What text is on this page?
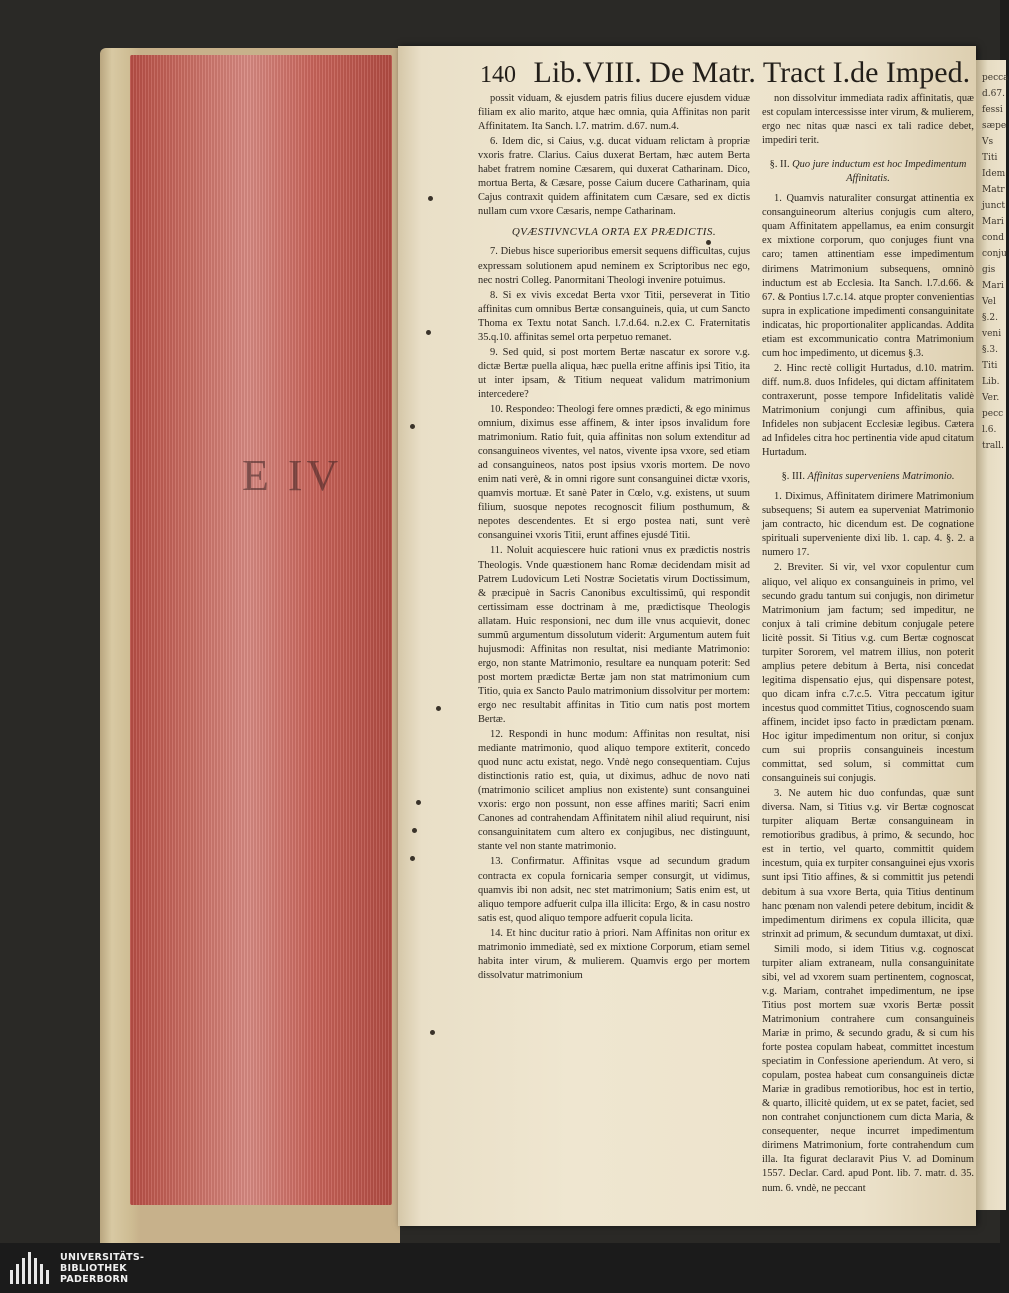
E IV
pecca
d.67.
fessi
sæpe
Vs
Titi
Idem
Matr
junct
Mari
cond
conju
gis
Mari
Vel
§.2.
veni
§.3.
Titi
Lib.
Ver.
pecc
l.6.
trall.
140 Lib.VIII. De Matr. Tract I.de Imped.

possit viduam, & ejusdem patris filius ducere ejusdem viduæ filiam ex alio marito, atque hæc omnia, quia Affinitas non parit Affinitatem. Ita Sanch. l.7. matrim. d.67. num.4.

6. Idem dic, si Caius, v.g. ducat viduam relictam à propriæ vxoris fratre. Clarius. Caius duxerat Bertam, hæc autem Berta habet fratrem nomine Cæsarem, qui duxerat Catharinam. Dico, mortua Berta, & Cæsare, posse Caium ducere Catharinam, quia Cajus contraxit quidem affinitatem cum Cæsare, sed ex dictis nullam cum vxore Cæsaris, nempe Catharinam.

QVÆSTIVNCVLA ORTA EX PRÆDICTIS.

7. Diebus hisce superioribus emersit sequens difficultas, cujus expressam solutionem apud neminem ex Scriptoribus nec ego, nec nostri Colleg. Panormitani Theologi invenire potuimus.

8. Si ex vivis excedat Berta vxor Titii, perseverat in Titio affinitas cum omnibus Bertæ consanguineis, quia, ut cum Sancto Thoma ex Textu notat Sanch. l.7.d.64. n.2.ex C. Fraternitatis 35.q.10. affinitas semel orta perpetuo remanet.

9. Sed quid, si post mortem Bertæ nascatur ex sorore v.g. dictæ Bertæ puella aliqua, hæc puella eritne affinis ipsi Titio, ita ut inter ipsam, & Titium nequeat validum matrimonium intercedere?

10. Respondeo: Theologi fere omnes prædicti, & ego minimus omnium, diximus esse affinem, & inter ipsos invalidum fore matrimonium. Ratio fuit, quia affinitas non solum extenditur ad consanguineos viventes, vel natos, vivente ipsa vxore, sed etiam ad consanguineos, natos post ipsius vxoris mortem. De novo enim nati verè, & in omni rigore sunt consanguinei dictæ vxoris, quamvis mortuæ. Et sanè Pater in Cœlo, v.g. existens, ut suum filium, suosque nepotes recognoscit filium posthumum, & nepotes descendentes. Et si ergo postea nati, sunt verè consanguinei vxoris Titii, erunt affines ejusdé Titii.

11. Noluit acquiescere huic rationi vnus ex prædictis nostris Theologis. Vnde quæstionem hanc Romæ decidendam misit ad Patrem Ludovicum Leti Nostræ Societatis virum Doctissimum, & præcipuè in Sacris Canonibus excultissimũ, qui respondit certissimam esse doctrinam à me, prædictisque Theologis allatam. Huic responsioni, nec dum ille vnus acquievit, donec summũ argumentum dissolutum viderit: Argumentum autem fuit hujusmodi: Affinitas non resultat, nisi mediante Matrimonio: ergo, non stante Matrimonio, resultare ea nunquam poterit: Sed post mortem prædictæ Bertæ jam non stat matrimonium cum Titio, quia ex Sancto Paulo matrimonium dissolvitur per mortem: ergo nec resultabit affinitas in Titio cum natis post mortem Bertæ.

12. Respondi in hunc modum: Affinitas non resultat, nisi mediante matrimonio, quod aliquo tempore extiterit, concedo quod nunc actu existat, nego. Vndè nego consequentiam. Cujus distinctionis ratio est, quia, ut diximus, adhuc de novo nati (matrimonio scilicet amplius non existente) sunt consanguinei vxoris: ergo non possunt, non esse affines mariti; Sacri enim Canones ad contrahendam Affinitatem nihil aliud requirunt, nisi consanguinitatem cum altero ex conjugibus, nec distinguunt, stante vel non stante matrimonio.

13. Confirmatur. Affinitas vsque ad secundum gradum contracta ex copula fornicaria semper consurgit, ut vidimus, quamvis ibi non adsit, nec stet matrimonium; Satis enim est, ut aliquo tempore adfuerit culpa illa illicita: Ergo, & in casu nostro satis est, quod aliquo tempore adfuerit copula licita.

14. Et hinc ducitur ratio à priori. Nam Affinitas non oritur ex matrimonio immediatè, sed ex mixtione Corporum, etiam semel habita inter virum, & mulierem. Quamvis ergo per mortem dissolvatur matrimonium

non dissolvitur immediata radix affinitatis, quæ est copulam intercessisse inter virum, & mulierem, ergo nec nitas quæ nasci ex tali radice debet, impediri terit.

§. II. Quo jure inductum est hoc Impedimentum Affinitatis.

1. Quamvis naturaliter consurgat attinentia ex consanguineorum alterius conjugis cum altero, quam Affinitatem appellamus, ea enim consurgit ex mixtione corporum, quo conjuges fiunt vna caro; tamen attinentiam esse impedimentum dirimens Matrimonium subsequens, omninò inductum est ab Ecclesia. Ita Sanch. l.7.d.66. & 67. & Pontius l.7.c.14. atque propter convenientias supra in explicatione impedimenti consanguinitate indicatas, hic proportionaliter applicandas. Addita etiam est excommunicatio contra Matrimonium cum hoc impedimento, ut dicemus §.3.

2. Hinc rectè colligit Hurtadus, d.10. matrim. diff. num.8. duos Infideles, qui dictam affinitatem contraxerunt, posse tempore Infidelitatis validè Matrimonium conjungi cum affinibus, quia Infideles non subjacent Ecclesiæ legibus. Cætera ad Infideles citra hoc pertinentia vide apud citatum Hurtadum.

§. III. Affinitas superveniens Matrimonio.

1. Diximus, Affinitatem dirimere Matrimonium subsequens; Si autem ea superveniat Matrimonio jam contracto, hic dicendum est. De cognatione spirituali superveniente dixi lib. 1. cap. 4. §. 2. a numero 17.

2. Breviter. Si vir, vel vxor copulentur cum aliquo, vel aliquo ex consanguineis in primo, vel secundo gradu tantum sui conjugis, non dirimetur Matrimonium jam factum; sed impeditur, ne conjux à tali crimine debitum conjugale petere licitè possit. Si Titius v.g. cum Bertæ cognoscat turpiter Sororem, vel matrem illius, non poterit amplius petere debitum à Berta, nisi concedat legitima dispensatio ejus, qui dispensare potest, quo dicam infra c.7.c.5. Vitra peccatum igitur incestus quod committet Titius, cognoscendo suam affinem, incidet ipso facto in prædictam pœnam. Hoc igitur impedimentum non oritur, si conjux cum sui propriis consanguineis incestum committat, sed solum, si committat cum consanguineis sui conjugis.

3. Ne autem hic duo confundas, quæ sunt diversa. Nam, si Titius v.g. vir Bertæ cognoscat turpiter aliquam Bertæ consanguineam in remotioribus gradibus, à primo, & secundo, hoc est in tertio, vel quarto, committit quidem incestum, quia ex turpiter consanguinei ejus vxoris sunt ipsi Titio affines, & si committit jus petendi debitum à sua vxore Berta, quia Titius dentinum hanc pœnam non valendi petere debitum, incidit & impedimentum dirimens ex copula illicita, quæ strinxit ad primum, & secundum dumtaxat, ut dixi.

Simili modo, si idem Titius v.g. cognoscat turpiter aliam extraneam, nulla consanguinitate sibi, vel ad vxorem suam pertinentem, cognoscat, v.g. Mariam, contrahet impedimentum, ne ipse Titius post mortem suæ vxoris Bertæ possit Matrimonium contrahere cum consanguineis Mariæ in primo, & secundo gradu, & si cum his forte postea copulam habeat, committet incestum speciatim in Confessione aperiendum. At vero, si copulam, postea habeat cum consanguineis dictæ Mariæ in gradibus remotioribus, hoc est in tertio, & quarto, illicitè quidem, ut ex se patet, faciet, sed non contrahet conjunctionem cum dicta Maria, & consequenter, neque incurret impedimentum dirimens Matrimonium, forte contrahendum cum illa. Ita figurat declaravit Pius V. ad Dominum 1557. Declar. Card. apud Pont. lib. 7. matr. d. 35. num. 6. vndè, ne peccant

UNIVERSITÄTS-
BIBLIOTHEK
PADERBORN
